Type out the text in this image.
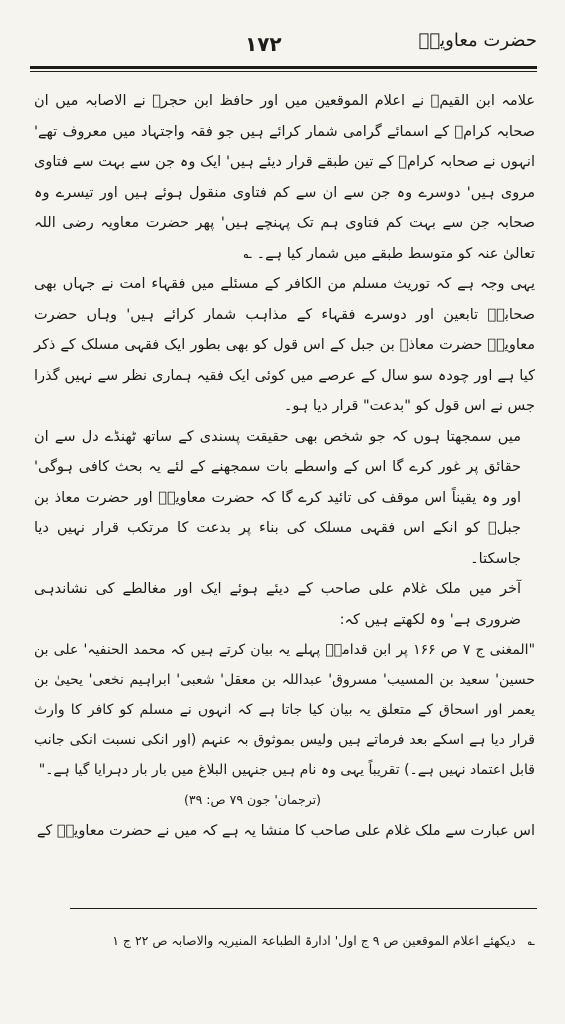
۱۷۲	حضرت معاویہؓ

علامہ ابن القیمؒ نے اعلام الموقعین میں اور حافظ ابن حجرؒ نے الاصابہ میں ان صحابہ کرامؓ کے اسمائے گرامی شمار کرائے ہیں جو فقہ واجتہاد میں معروف تھے' انہوں نے صحابہ کرامؓ کے تین طبقے قرار دیئے ہیں' ایک وہ جن سے بہت سے فتاوی مروی ہیں' دوسرے وہ جن سے ان سے کم فتاوی منقول ہوئے ہیں اور تیسرے وہ صحابہ جن سے بہت کم فتاوی ہم تک پہنچے ہیں' پھر حضرت معاویہ رضی اللہ تعالیٰ عنہ کو متوسط طبقے میں شمار کیا ہے۔ ؎

یہی وجہ ہے کہ توریث مسلم من الکافر کے مسئلے میں فقہاء امت نے جہاں بھی صحابہؓ تابعین اور دوسرے فقہاء کے مذاہب شمار کرائے ہیں' وہاں حضرت معاویہؓ حضرت معاذؓ بن جبل کے اس قول کو بھی بطور ایک فقہی مسلک کے ذکر کیا ہے اور چودہ سو سال کے عرصے میں کوئی ایک فقیہ ہماری نظر سے نہیں گذرا جس نے اس قول کو "بدعت" قرار دیا ہو۔

میں سمجھتا ہوں کہ جو شخص بھی حقیقت پسندی کے ساتھ ٹھنڈے دل سے ان حقائق پر غور کرے گا اس کے واسطے بات سمجھنے کے لئے یہ بحث کافی ہوگی' اور وہ یقیناً اس موقف کی تائید کرے گا کہ حضرت معاویہؓ اور حضرت معاذ بن جبلؓ کو انکے اس فقہی مسلک کی بناء پر بدعت کا مرتکب قرار نہیں دیا جاسکتا۔

آخر میں ملک غلام علی صاحب کے دیئے ہوئے ایک اور مغالطے کی نشاندہی ضروری ہے' وہ لکھتے ہیں کہ:

"المغنی ج ۷ ص ۱۶۶ پر ابن قدامہؒ پہلے یہ بیان کرتے ہیں کہ محمد الحنفیہ' علی بن حسین' سعید بن المسیب' مسروق' عبداللہ بن معقل' شعبی' ابراہیم نخعی' یحییٰ بن یعمر اور اسحاق کے متعلق یہ بیان کیا جاتا ہے کہ انہوں نے مسلم کو کافر کا وارث قرار دیا ہے اسکے بعد فرماتے ہیں ولیس بموثوق بہ عنہم (اور انکی نسبت انکی جانب قابل اعتماد نہیں ہے۔) تقریباً یہی وہ نام ہیں جنہیں البلاغ میں بار بار دہرایا گیا ہے۔"

(ترجمان' جون ۷۹ ص: ۳۹)

اس عبارت سے ملک غلام علی صاحب کا منشا یہ ہے کہ میں نے حضرت معاویہؓ کے

؎ دیکھئے اعلام الموقعین ص ۹ ج اول' ادارۃ الطباعۃ المنیریہ والاصابہ ص ۲۲ ج ۱
